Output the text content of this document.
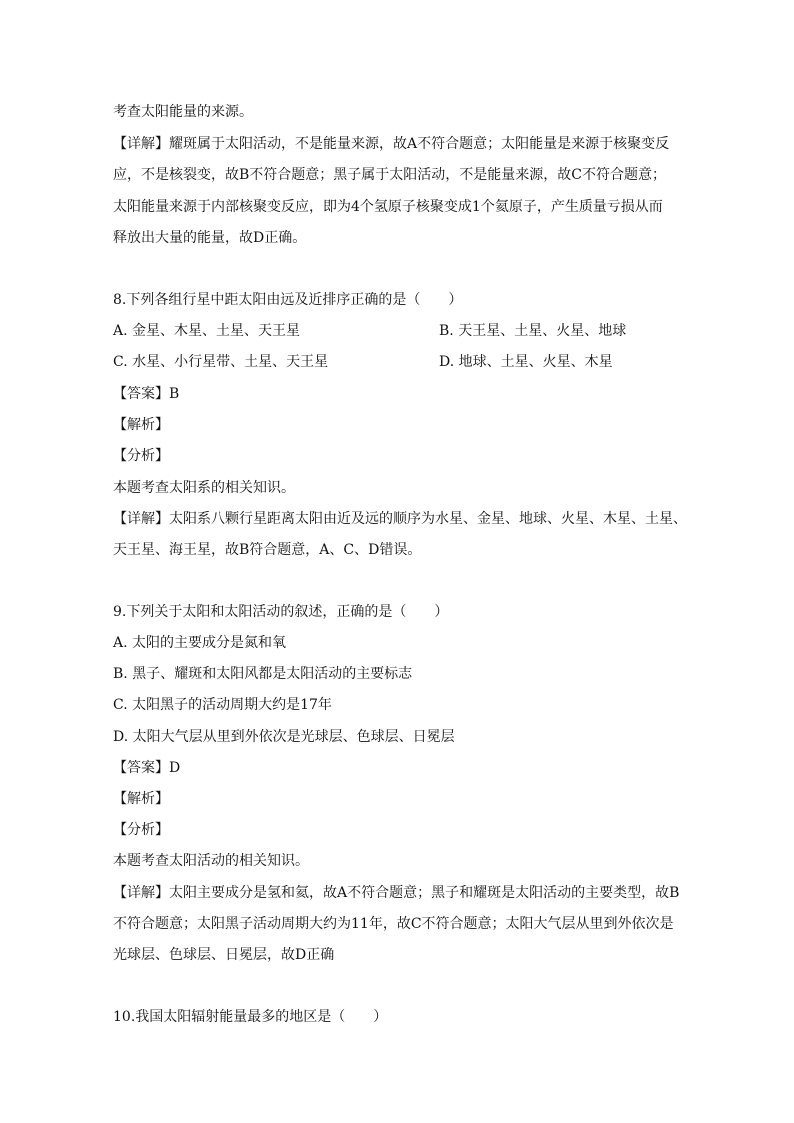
考查太阳能量的来源。
【详解】耀斑属于太阳活动，不是能量来源，故A不符合题意；太阳能量是来源于核聚变反
应，不是核裂变，故B不符合题意；黑子属于太阳活动，不是能量来源，故C不符合题意；
太阳能量来源于内部核聚变反应，即为4个氢原子核聚变成1个氦原子，产生质量亏损从而
释放出大量的能量，故D正确。
8.下列各组行星中距太阳由远及近排序正确的是（　　）
A. 金星、木星、土星、天王星	B. 天王星、土星、火星、地球
C. 水星、小行星带、土星、天王星	D. 地球、土星、火星、木星
【答案】B
【解析】
【分析】
本题考查太阳系的相关知识。
【详解】太阳系八颗行星距离太阳由近及远的顺序为水星、金星、地球、火星、木星、土星、
天王星、海王星，故B符合题意，A、C、D错误。
9.下列关于太阳和太阳活动的叙述，正确的是（　　）
A. 太阳的主要成分是氮和氧
B. 黑子、耀斑和太阳风都是太阳活动的主要标志
C. 太阳黑子的活动周期大约是17年
D. 太阳大气层从里到外依次是光球层、色球层、日冕层
【答案】D
【解析】
【分析】
本题考查太阳活动的相关知识。
【详解】太阳主要成分是氢和氦，故A不符合题意；黑子和耀斑是太阳活动的主要类型，故B
不符合题意；太阳黑子活动周期大约为11年，故C不符合题意；太阳大气层从里到外依次是
光球层、色球层、日冕层，故D正确
10.我国太阳辐射能量最多的地区是（　　）
